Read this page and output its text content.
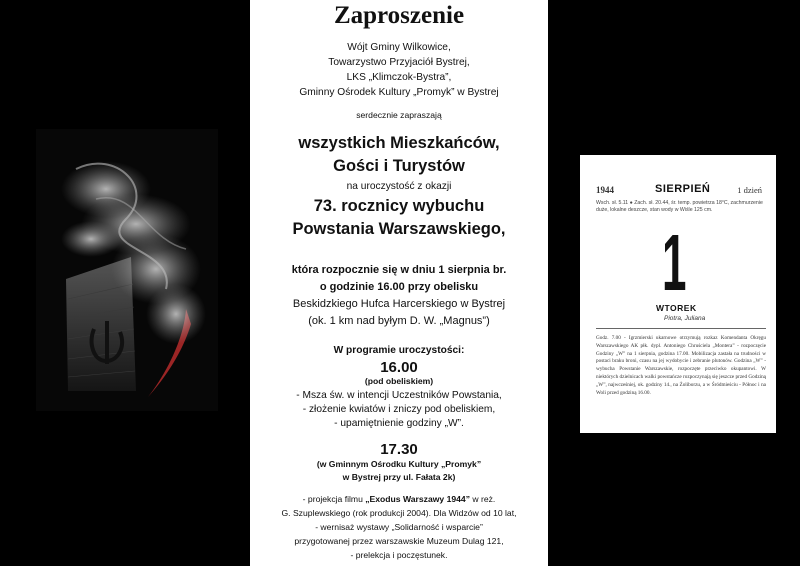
Zaproszenie
Wójt Gminy Wilkowice,
Towarzystwo Przyjaciół Bystrej,
LKS „Klimczok-Bystra”,
Gminny Ośrodek Kultury „Promyk” w Bystrej
serdecznie zapraszają
wszystkich Mieszkańców,
Gości i Turystów
na uroczystość z okazji
73. rocznicy wybuchu
Powstania Warszawskiego,
która rozpocznie się w dniu 1 sierpnia br.
o godzinie 16.00 przy obelisku
Beskidzkiego Hufca Harcerskiego w Bystrej
(ok. 1 km nad byłym D. W. „Magnus”)
W programie uroczystości:
16.00
(pod obeliskiem)
- Msza św. w intencji Uczestników Powstania,
- złożenie kwiatów i zniczy pod obeliskiem,
- upamiętnienie godziny „W”.
17.30
(w Gminnym Ośrodku Kultury „Promyk”
w Bystrej przy ul. Fałata 2k)
- projekcja filmu „Exodus Warszawy 1944” w reż.
G. Szuplewskiego (rok produkcji 2004). Dla Widzów od 10 lat,
- wernisaż wystawy „Solidarność i wsparcie”
przygotowanej przez warszawskie Muzeum Dulag 121,
- prelekcja i poczęstunek.
1944	SIERPIEŃ	1 dzień
Wsch. sł. 5.11 ● Zach. sł. 20.44, śr. temp. powietrza 18°C, zachmurzenie duże, lokalne deszcze, stan wody w Wiśle 125 cm.
1
WTOREK
Piotra, Juliana
Godz. 7.00 - Igrzmierski ukarnowe otrzymują rozkaz Komendanta Okręgu Warszawskiego AK płk. dypl. Antoniego Chruściela „Montera” - rozpoczęcie Godziny „W” na 1 sierpnia, godzina 17.00. Mobilizacja zastała na trudności w postaci braku broni, czasu na jej wydobycie i zebranie plutonów. Godzina „W” - wybucha Powstanie Warszawskie, rozpoczęte przeciwko okupantowi. W niektórych dzielnicach walki powstańcze rozpoczynają się jeszcze przed Godziną „W”, najwcześniej, ok. godziny 14., na Żoliborzu, a w Śródmieściu - Północ i na Woli przed godziną 16.00.
